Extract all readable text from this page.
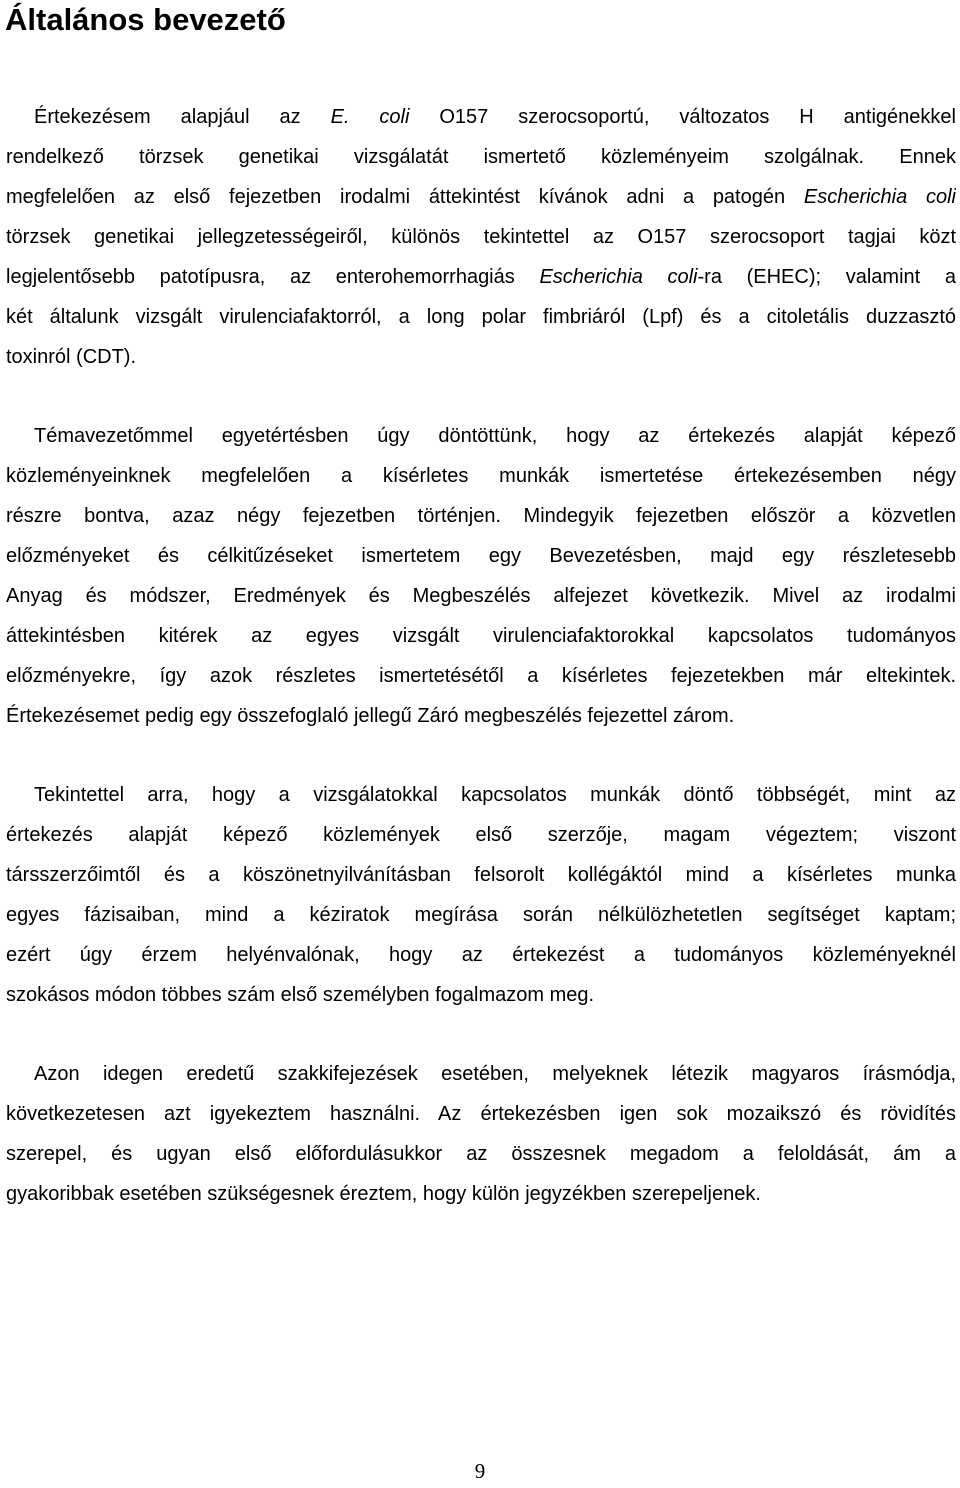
Általános bevezető
Értekezésem alapjául az E. coli O157 szerocsoportú, változatos H antigénekkel
rendelkező törzsek genetikai vizsgálatát ismertető közleményeim szolgálnak. Ennek
megfelelően az első fejezetben irodalmi áttekintést kívánok adni a patogén Escherichia coli
törzsek genetikai jellegzetességeiről, különös tekintettel az O157 szerocsoport tagjai közt
legjelentősebb patotípusra, az enterohemorrhagiás Escherichia coli-ra (EHEC); valamint a
két általunk vizsgált virulenciafaktorról, a long polar fimbriáról (Lpf) és a citoletális duzzasztó
toxinról (CDT).
Témavezetőmmel egyetértésben úgy döntöttünk, hogy az értekezés alapját képező
közleményeinknek megfelelően a kísérletes munkák ismertetése értekezésemben négy
részre bontva, azaz négy fejezetben történjen. Mindegyik fejezetben először a közvetlen
előzményeket és célkitűzéseket ismertetem egy Bevezetésben, majd egy részletesebb
Anyag és módszer, Eredmények és Megbeszélés alfejezet következik. Mivel az irodalmi
áttekintésben kitérek az egyes vizsgált virulenciafaktorokkal kapcsolatos tudományos
előzményekre, így azok részletes ismertetésétől a kísérletes fejezetekben már eltekintek.
Értekezésemet pedig egy összefoglaló jellegű Záró megbeszélés fejezettel zárom.
Tekintettel arra, hogy a vizsgálatokkal kapcsolatos munkák döntő többségét, mint az
értekezés alapját képező közlemények első szerzője, magam végeztem; viszont
társszerzőimtől és a köszönetnyilvánításban felsorolt kollégáktól mind a kísérletes munka
egyes fázisaiban, mind a kéziratok megírása során nélkülözhetetlen segítséget kaptam;
ezért úgy érzem helyénvalónak, hogy az értekezést a tudományos közleményeknél
szokásos módon többes szám első személyben fogalmazom meg.
Azon idegen eredetű szakkifejezések esetében, melyeknek létezik magyaros írásmódja,
következetesen azt igyekeztem használni. Az értekezésben igen sok mozaikszó és rövidítés
szerepel, és ugyan első előfordulásukkor az összesnek megadom a feloldását, ám a
gyakoribbak esetében szükségesnek éreztem, hogy külön jegyzékben szerepeljenek.
9
